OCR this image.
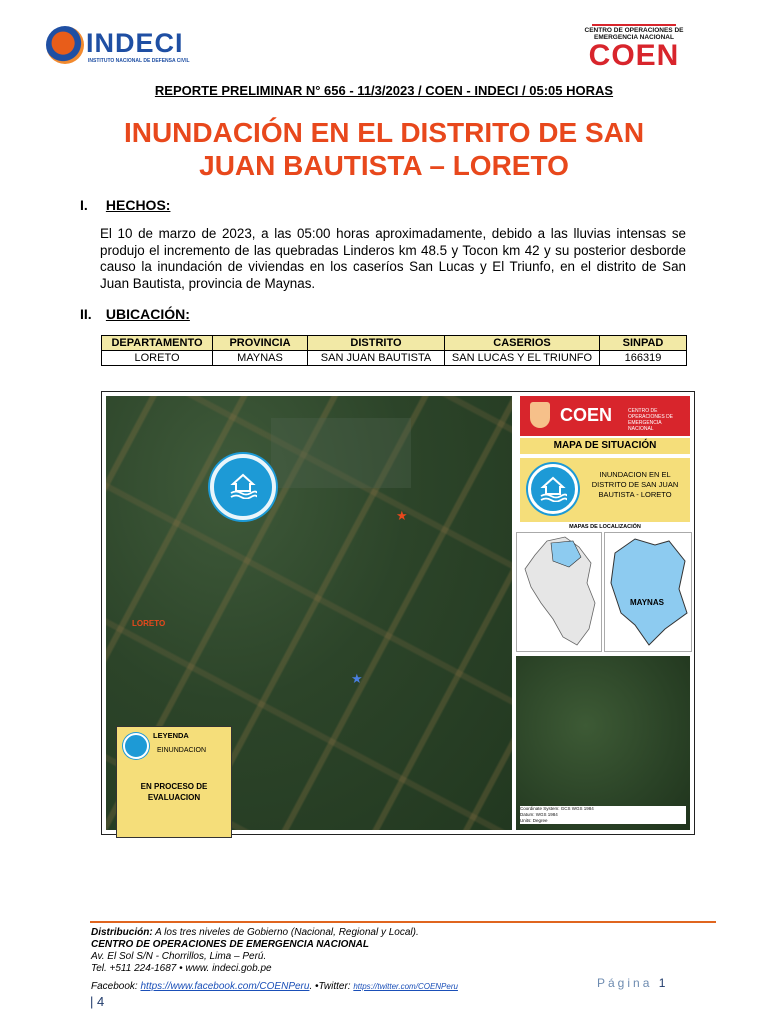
INDECI
INSTITUTO NACIONAL DE DEFENSA CIVIL
CENTRO DE OPERACIONES DE
EMERGENCIA NACIONAL
COEN
REPORTE PRELIMINAR N° 656 - 11/3/2023 / COEN - INDECI / 05:05 HORAS
INUNDACIÓN EN EL DISTRITO DE SAN
JUAN BAUTISTA – LORETO
I. HECHOS:
El 10 de marzo de 2023, a las 05:00 horas aproximadamente, debido a las lluvias intensas se produjo el incremento de las quebradas Linderos km 48.5 y Tocon km 42 y su posterior desborde causo la inundación de viviendas en los caseríos San Lucas y El Triunfo, en el distrito de San Juan Bautista, provincia de Maynas.
II. UBICACIÓN:
DEPARTAMENTO	PROVINCIA	DISTRITO	CASERIOS	SINPAD
LORETO	MAYNAS	SAN JUAN BAUTISTA	SAN LUCAS Y EL TRIUNFO	166319
★
★
LORETO
LEYENDA
EINUNDACION
EN PROCESO DE
EVALUACION
COEN	CENTRO DE OPERACIONES DE EMERGENCIA NACIONAL
MAPA DE SITUACIÓN
INUNDACION EN EL
DISTRITO DE SAN JUAN
BAUTISTA - LORETO
MAPAS DE LOCALIZACIÓN
MAYNAS
Coordinate System: GCS WGS 1984
Datum: WGS 1984
Units: Degree
Distribución: A los tres niveles de Gobierno (Nacional, Regional y Local).
CENTRO DE OPERACIONES DE EMERGENCIA NACIONAL
Av. El Sol S/N - Chorrillos, Lima – Perú.
Tel. +511 224-1687 • www. indeci.gob.pe
Facebook: https://www.facebook.com/COENPeru. •Twitter: https://twitter.com/COENPeru	Página 1
| 4
